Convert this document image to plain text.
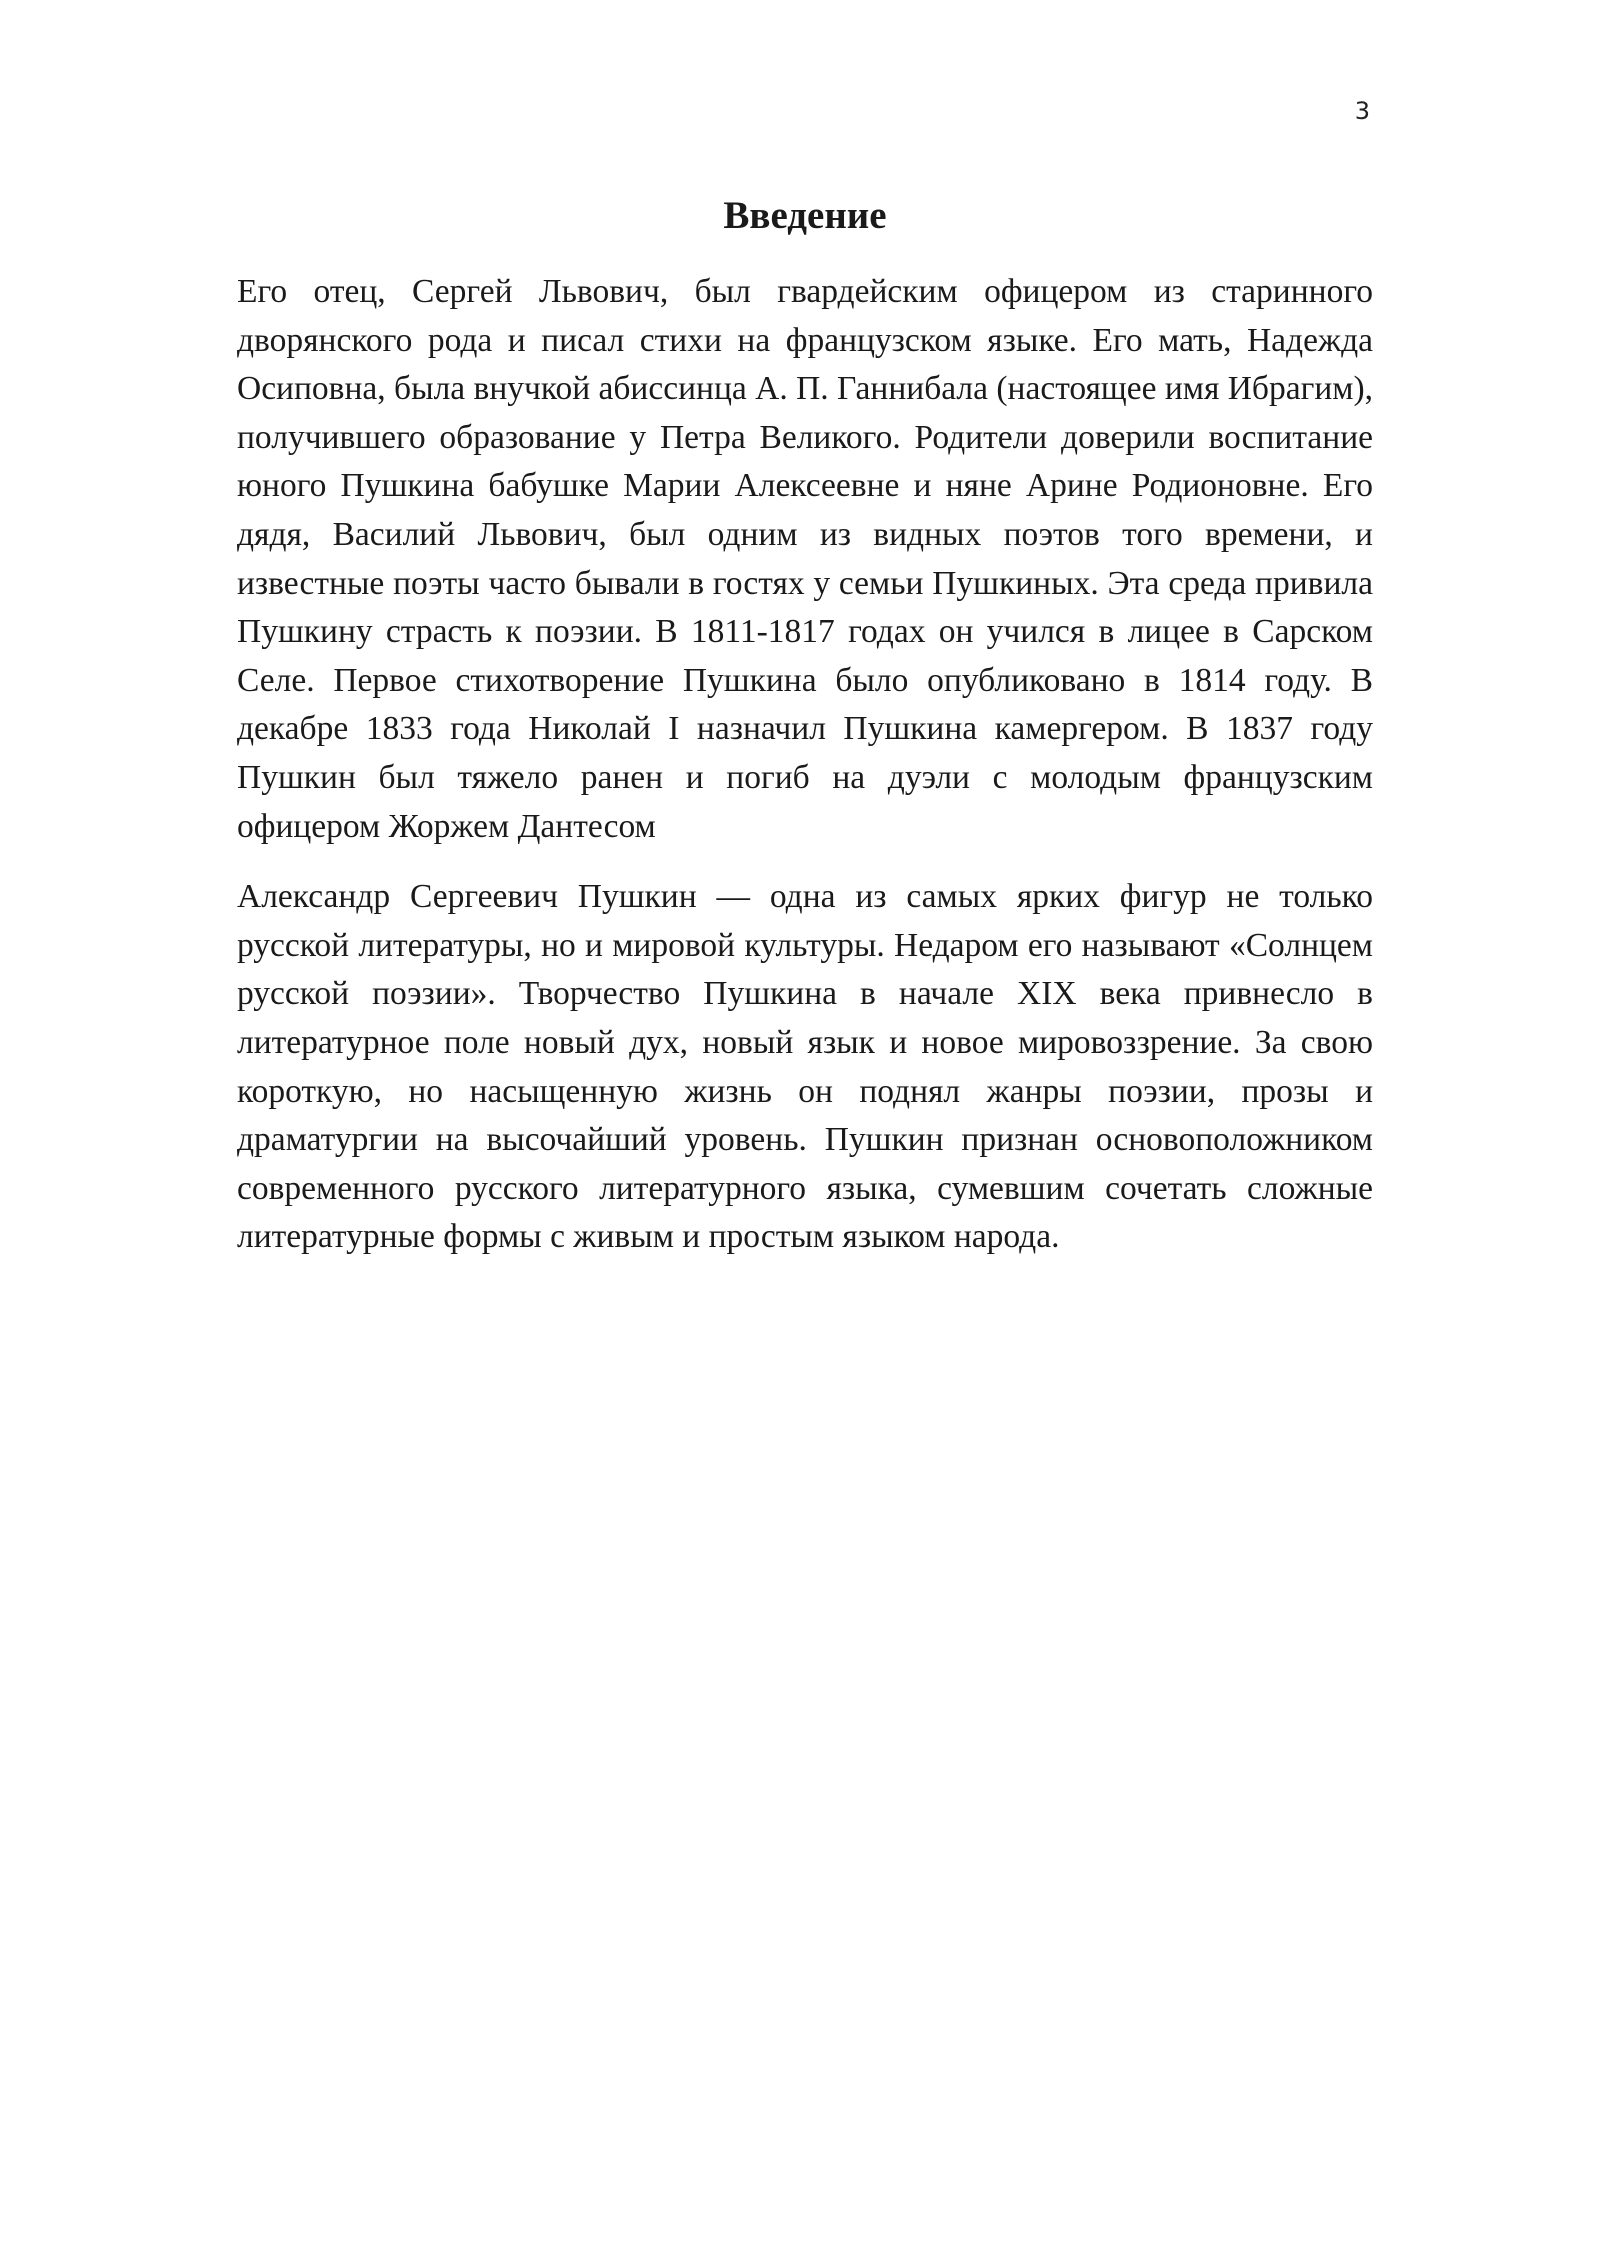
3
Введение

Его отец, Сергей Львович, был гвардейским офицером из старинного дворянского рода и писал стихи на французском языке. Его мать, Надежда Осиповна, была внучкой абиссинца А. П. Ганнибала (настоящее имя Ибрагим), получившего образование у Петра Великого. Родители доверили воспитание юного Пушкина бабушке Марии Алексеевне и няне Арине Родионовне. Его дядя, Василий Львович, был одним из видных поэтов того времени, и известные поэты часто бывали в гостях у семьи Пушкиных. Эта среда привила Пушкину страсть к поэзии. В 1811-1817 годах он учился в лицее в Сарском Селе. Первое стихотворение Пушкина было опубликовано в 1814 году. В декабре 1833 года Николай I назначил Пушкина камергером. В 1837 году Пушкин был тяжело ранен и погиб на дуэли с молодым французским офицером Жоржем Дантесом

Александр Сергеевич Пушкин — одна из самых ярких фигур не только русской литературы, но и мировой культуры. Недаром его называют «Солнцем русской поэзии». Творчество Пушкина в начале XIX века привнесло в литературное поле новый дух, новый язык и новое мировоззрение. За свою короткую, но насыщенную жизнь он поднял жанры поэзии, прозы и драматургии на высочайший уровень. Пушкин признан основоположником современного русского литературного языка, сумевшим сочетать сложные литературные формы с живым и простым языком народа.
